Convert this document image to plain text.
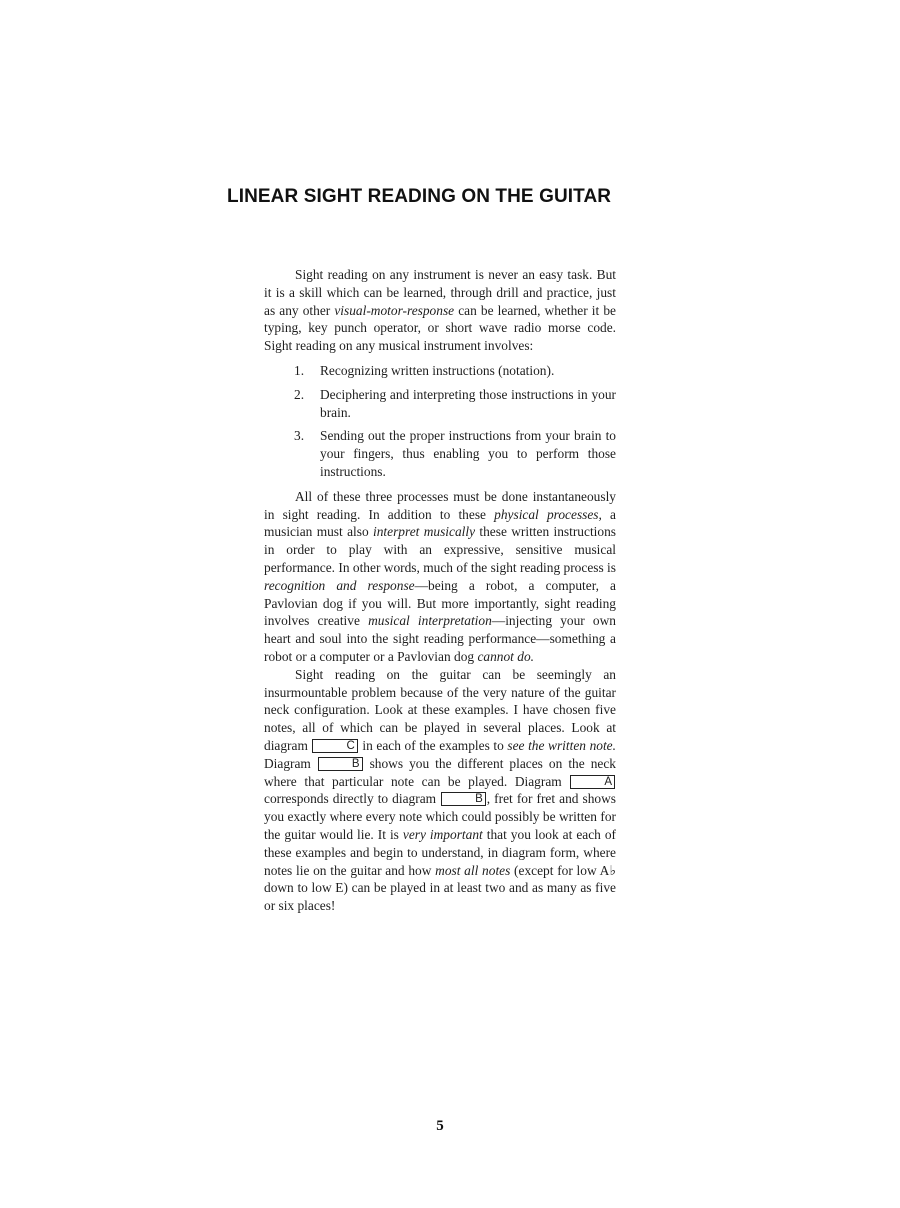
LINEAR SIGHT READING ON THE GUITAR

Sight reading on any instrument is never an easy task. But it is a skill which can be learned, through drill and practice, just as any other visual-motor-response can be learned, whether it be typing, key punch operator, or short wave radio morse code. Sight reading on any musical instrument involves:

1. Recognizing written instructions (notation).
2. Deciphering and interpreting those instructions in your brain.
3. Sending out the proper instructions from your brain to your fingers, thus enabling you to perform those instructions.

All of these three processes must be done instantaneously in sight reading. In addition to these physical processes, a musician must also interpret musically these written instructions in order to play with an expressive, sensitive musical performance. In other words, much of the sight reading process is recognition and response—being a robot, a computer, a Pavlovian dog if you will. But more importantly, sight reading involves creative musical interpretation—injecting your own heart and soul into the sight reading performance—something a robot or a computer or a Pavlovian dog cannot do.

Sight reading on the guitar can be seemingly an insurmountable problem because of the very nature of the guitar neck configuration. Look at these examples. I have chosen five notes, all of which can be played in several places. Look at diagram	C in each of the examples to see the written note. Diagram	B shows you the different places on the neck where that particular note can be played. Diagram	A corresponds directly to diagram	B , fret for fret and shows you exactly where every note which could possibly be written for the guitar would lie. It is very important that you look at each of these examples and begin to understand, in diagram form, where notes lie on the guitar and how most all notes (except for low A♭ down to low E) can be played in at least two and as many as five or six places!

5
